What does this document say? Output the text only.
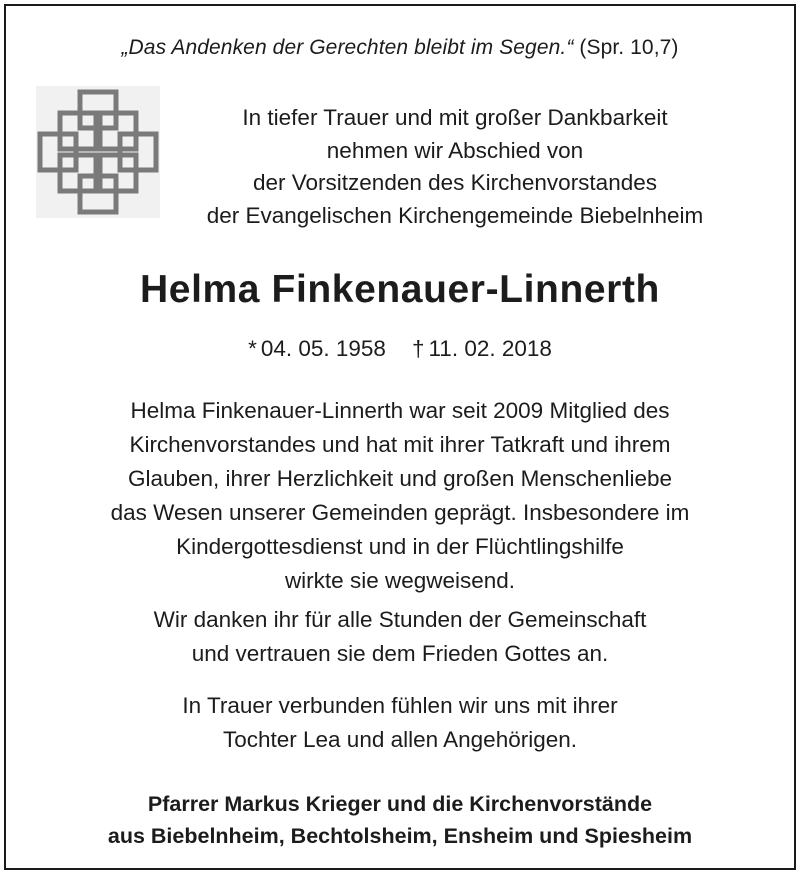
„Das Andenken der Gerechten bleibt im Segen.“ (Spr. 10,7)
In tiefer Trauer und mit großer Dankbarkeit
nehmen wir Abschied von
der Vorsitzenden des Kirchenvorstandes
der Evangelischen Kirchengemeinde Biebelnheim
Helma Finkenauer-Linnerth
* 04. 05. 1958 † 11. 02. 2018
Helma Finkenauer-Linnerth war seit 2009 Mitglied des
Kirchenvorstandes und hat mit ihrer Tatkraft und ihrem
Glauben, ihrer Herzlichkeit und großen Menschenliebe
das Wesen unserer Gemeinden geprägt. Insbesondere im
Kindergottesdienst und in der Flüchtlingshilfe
wirkte sie wegweisend.
Wir danken ihr für alle Stunden der Gemeinschaft
und vertrauen sie dem Frieden Gottes an.
In Trauer verbunden fühlen wir uns mit ihrer
Tochter Lea und allen Angehörigen.
Pfarrer Markus Krieger und die Kirchenvorstände
aus Biebelnheim, Bechtolsheim, Ensheim und Spiesheim
